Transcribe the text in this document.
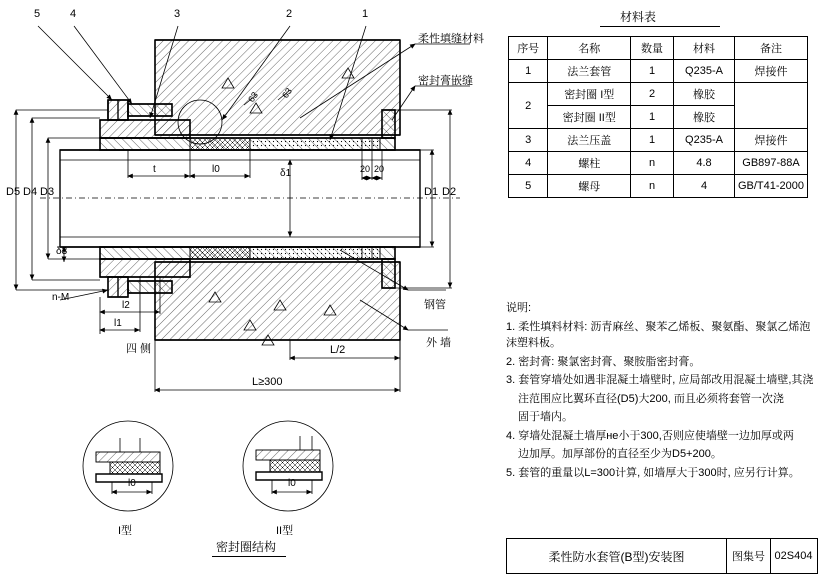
5	4	3	2	1
柔性填缝材料
密封膏嵌缝
钢管
外 墙
D5 D4 D3
δ3
D1 D2
δ1
t	l0	20 20
l2
l1
n-M
L/2
L≥300
63 63
四 侧
l0	l0
I型	II型
密封圈结构
材料表
序号	名称	数量	材料	备注
1	法兰套管	1	Q235-A	焊接件
2	密封圈 I型	2	橡胶	
	密封圈 II型	1	橡胶	
3	法兰压盖	1	Q235-A	焊接件
4	螺柱	n	4.8	GB897-88A
5	螺母	n	4	GB/T41-2000
说明:
1. 柔性填料材料: 沥青麻丝、聚苯乙烯板、聚氨酯、聚氯乙烯泡沫塑料板。
2. 密封膏: 聚氯密封膏、聚胺脂密封膏。
3. 套管穿墙处如遇非混凝土墙壁时, 应局部改用混凝土墙壁,其浇
注范围应比翼环直径(D5)大200, 而且必须将套管一次浇
固于墙内。
4. 穿墙处混凝土墙厚не小于300,否则应使墙壁一边加厚或两
边加厚。加厚部份的直径至少为D5+200。
5. 套管的重量以L=300计算, 如墙厚大于300时, 应另行计算。
柔性防水套管(B型)安装图	图集号 02S404
